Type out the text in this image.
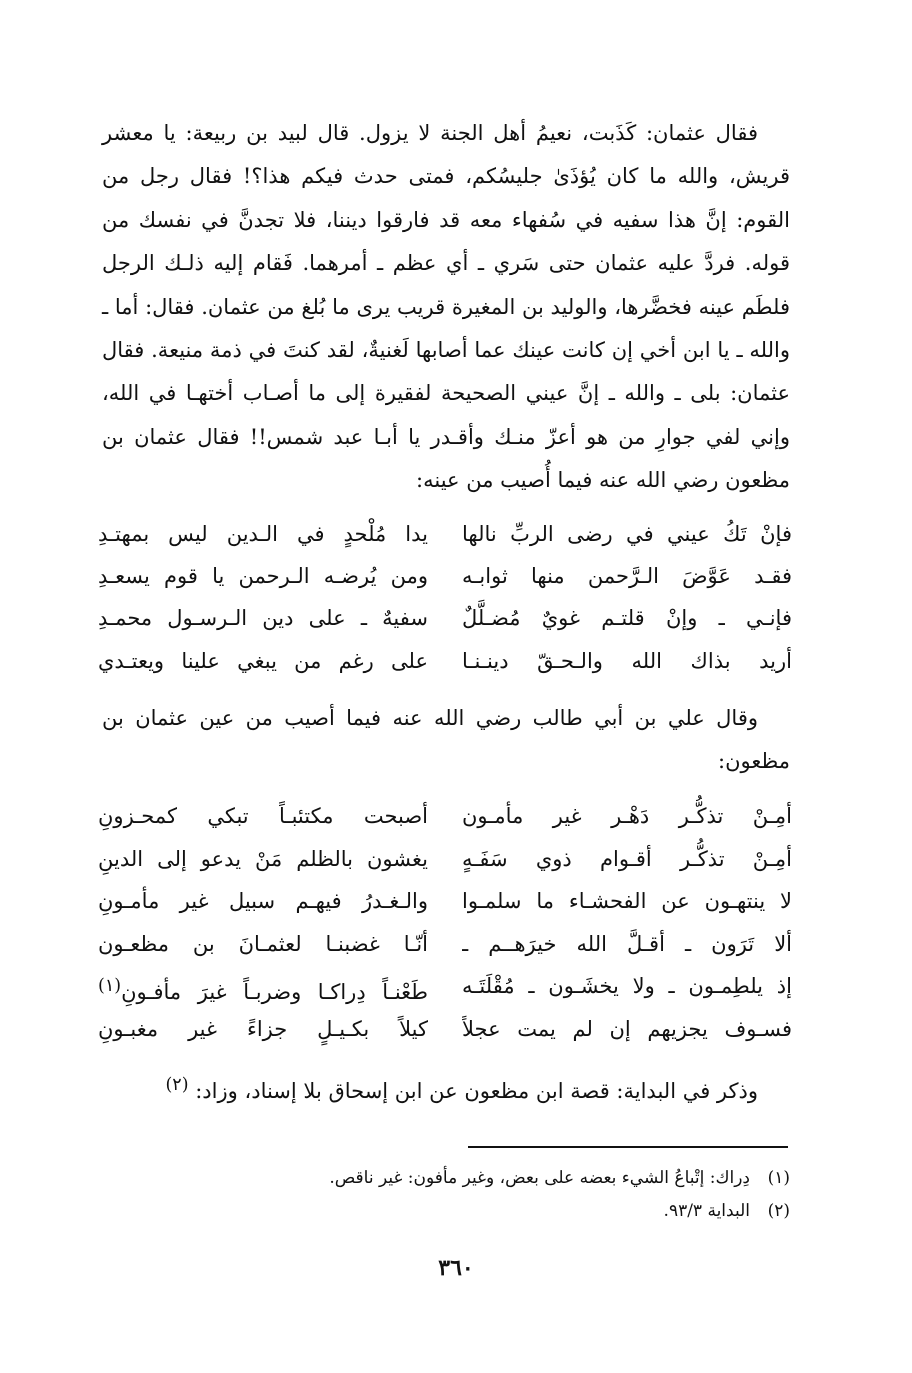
فقال عثمان: كَذَبت، نعيمُ أهل الجنة لا يزول. قال لبيد بن ربيعة: يا معشر قريش، والله ما كان يُؤذَىٰ جليسُكم، فمتى حدث فيكم هذا؟! فقال رجل من القوم: إنَّ هذا سفيه في سُفهاء معه قد فارقوا ديننا، فلا تجدنَّ في نفسك من قوله. فردَّ عليه عثمان حتى سَري ـ أي عظم ـ أمرهما. فَقام إليه ذلـك الرجل فلطَم عينه فخضَّرها، والوليد بن المغيرة قريب يرى ما بُلغ من عثمان. فقال: أما ـ والله ـ يا ابن أخي إن كانت عينك عما أصابها لَغنيةٌ، لقد كنتَ في ذمة منيعة. فقال عثمان: بلى ـ والله ـ إنَّ عيني الصحيحة لفقيرة إلى ما أصـاب أختهـا في الله، وإني لفي جوارِ من هو أعزّ منـك وأقـدر يا أبـا عبد شمس!! فقال عثمان بن مظعون رضي الله عنه فيما أُصيب من عينه:

فإنْ تَكُ عيني في رضى الربِّ نالها
يدا مُلْحدٍ في الـدين ليس بمهتـدِ
فقـد عَوَّضَ الـرَّحمن منها ثوابـه
ومن يُرضـه الـرحمن يا قوم يسعـدِ
فإنـي ـ وإنْ قلتـم غويٌ مُضـلَّلٌ
سفيهٌ ـ على دين الـرسـول محمـدِ
أريد بذاك الله والـحـقّ دينـنـا
على رغم من يبغي علينا ويعتـدي

وقال علي بن أبي طالب رضي الله عنه فيما أصيب من عين عثمان بن مظعون:

أمِـنْ تذكُّـر دَهْـر غير مأمـون
أصبحت مكتئبـاً تبكي كمحـزونِ
أمِـنْ تذكُّـر أقـوام ذوي سَفَـهٍ
يغشون بالظلم مَنْ يدعو إلى الدينِ
لا ينتهـون عن الفحشـاء ما سلمـوا
والـغـدرُ فيهـم سبيل غير مأمـونِ
ألا تَرَون ـ أقـلَّ الله خيرَهــم ـ
أنّـا غضبنـا لعثمـانَ بن مظعـون
إذ يلطِمـون ـ ولا يخشَـون ـ مُقْلَتَـه
طَعْنـاً دِراكـا وضربـاً غيرَ مأفـونِ$^{(١)}$
فسـوف يجزيهم إن لم يمت عجلاً
كيلاً بكـيـلٍ جزاءً غير مغبـونِ

وذكر في البداية: قصة ابن مظعون عن ابن إسحاق بلا إسناد، وزاد: $^{(٢)}$

(١)دِراك: إتْباعُ الشيء بعضه على بعض، وغير مأفون: غير ناقص.
(٢)البداية ٩٣/٣.
٣٦٠
